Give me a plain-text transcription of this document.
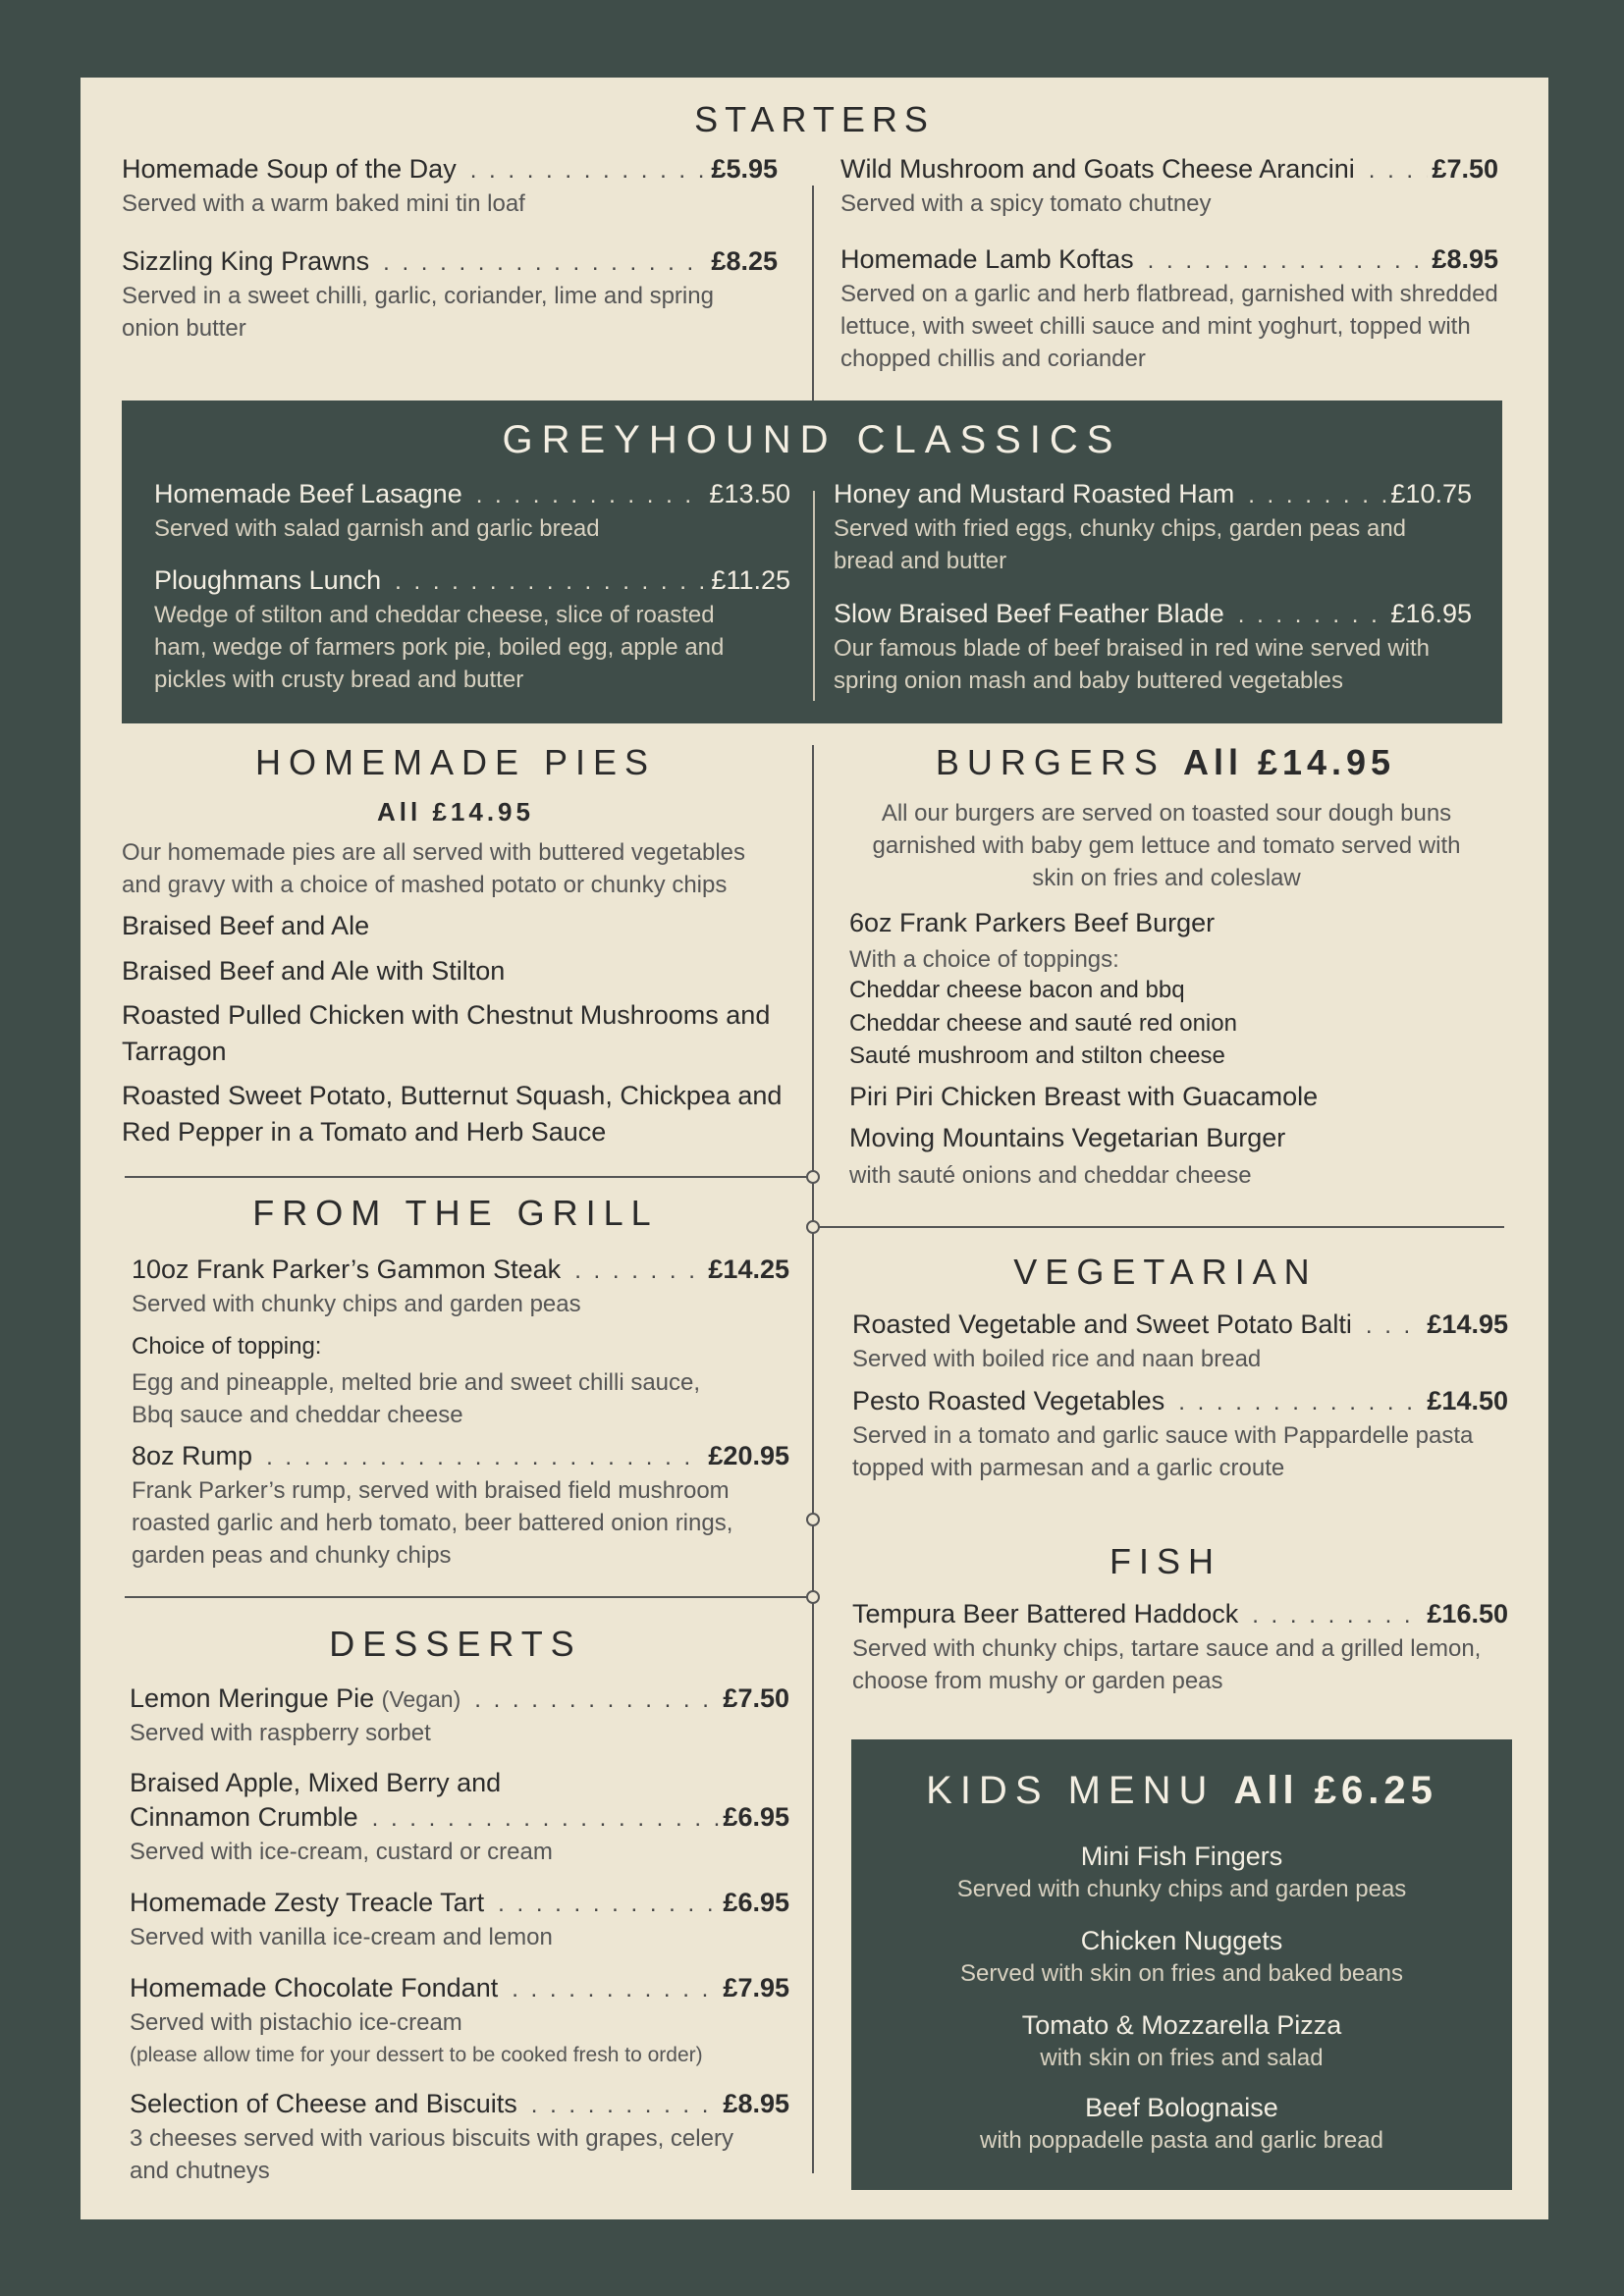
STARTERS
Homemade Soup of the Day . . .	£5.95
Served with a warm baked mini tin loaf
Sizzling King Prawns . . .	£8.25
Served in a sweet chilli, garlic, coriander, lime and spring onion butter
Wild Mushroom and Goats Cheese Arancini . . .	£7.50
Served with a spicy tomato chutney
Homemade Lamb Koftas . . .	£8.95
Served on a garlic and herb flatbread, garnished with shredded lettuce, with sweet chilli sauce and mint yoghurt, topped with chopped chillis and coriander
GREYHOUND CLASSICS
Homemade Beef Lasagne . . .	£13.50
Served with salad garnish and garlic bread
Ploughmans Lunch . . .	£11.25
Wedge of stilton and cheddar cheese, slice of roasted ham, wedge of farmers pork pie, boiled egg, apple and pickles with crusty bread and butter
Honey and Mustard Roasted Ham . . .	£10.75
Served with fried eggs, chunky chips, garden peas and bread and butter
Slow Braised Beef Feather Blade . . .	£16.95
Our famous blade of beef braised in red wine served with spring onion mash and baby buttered vegetables
HOMEMADE PIES
All £14.95
Our homemade pies are all served with buttered vegetables and gravy with a choice of mashed potato or chunky chips
Braised Beef and Ale
Braised Beef and Ale with Stilton
Roasted Pulled Chicken with Chestnut Mushrooms and Tarragon
Roasted Sweet Potato, Butternut Squash, Chickpea and Red Pepper in a Tomato and Herb Sauce
BURGERS All £14.95
All our burgers are served on toasted sour dough buns garnished with baby gem lettuce and tomato served with skin on fries and coleslaw
6oz Frank Parkers Beef Burger
With a choice of toppings:
Cheddar cheese bacon and bbq
Cheddar cheese and sauté red onion
Sauté mushroom and stilton cheese
Piri Piri Chicken Breast with Guacamole
Moving Mountains Vegetarian Burger
with sauté onions and cheddar cheese
FROM THE GRILL
10oz Frank Parker’s Gammon Steak . . .	£14.25
Served with chunky chips and garden peas
Choice of topping:
Egg and pineapple, melted brie and sweet chilli sauce, Bbq sauce and cheddar cheese
8oz Rump . . .	£20.95
Frank Parker’s rump, served with braised field mushroom roasted garlic and herb tomato, beer battered onion rings, garden peas and chunky chips
VEGETARIAN
Roasted Vegetable and Sweet Potato Balti . . .	£14.95
Served with boiled rice and naan bread
Pesto Roasted Vegetables . . .	£14.50
Served in a tomato and garlic sauce with Pappardelle pasta topped with parmesan and a garlic croute
FISH
Tempura Beer Battered Haddock . . .	£16.50
Served with chunky chips, tartare sauce and a grilled lemon, choose from mushy or garden peas
DESSERTS
Lemon Meringue Pie (Vegan) . . .	£7.50
Served with raspberry sorbet
Braised Apple, Mixed Berry and
Cinnamon Crumble . . .	£6.95
Served with ice-cream, custard or cream
Homemade Zesty Treacle Tart . . .	£6.95
Served with vanilla ice-cream and lemon
Homemade Chocolate Fondant . . .	£7.95
Served with pistachio ice-cream
(please allow time for your dessert to be cooked fresh to order)
Selection of Cheese and Biscuits . . .	£8.95
3 cheeses served with various biscuits with grapes, celery and chutneys
KIDS MENU All £6.25
Mini Fish Fingers
Served with chunky chips and garden peas
Chicken Nuggets
Served with skin on fries and baked beans
Tomato & Mozzarella Pizza
with skin on fries and salad
Beef Bolognaise
with poppadelle pasta and garlic bread
